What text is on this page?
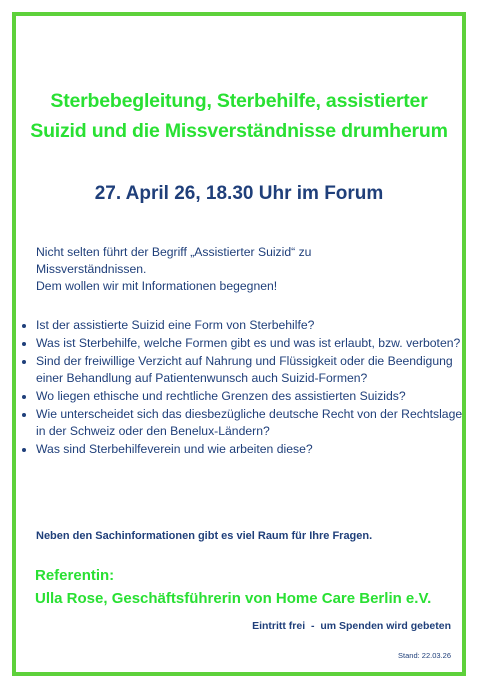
Sterbebegleitung, Sterbehilfe, assistierter
Suizid und die Missverständnisse drumherum
27. April 26, 18.30 Uhr im Forum
Nicht selten führt der Begriff „Assistierter Suizid“ zu
Missverständnissen.
Dem wollen wir mit Informationen begegnen!
• Ist der assistierte Suizid eine Form von Sterbehilfe?
• Was ist Sterbehilfe, welche Formen gibt es und was ist erlaubt, bzw. verboten?
• Sind der freiwillige Verzicht auf Nahrung und Flüssigkeit oder die Beendigung einer Behandlung auf Patientenwunsch auch Suizid-Formen?
• Wo liegen ethische und rechtliche Grenzen des assistierten Suizids?
• Wie unterscheidet sich das diesbezügliche deutsche Recht von der Rechtslage in der Schweiz oder den Benelux-Ländern?
• Was sind Sterbehilfeverein und wie arbeiten diese?
Neben den Sachinformationen gibt es viel Raum für Ihre Fragen.
Referentin:
Ulla Rose, Geschäftsführerin von Home Care Berlin e.V.
Eintritt frei  -  um Spenden wird gebeten
Stand: 22.03.26
